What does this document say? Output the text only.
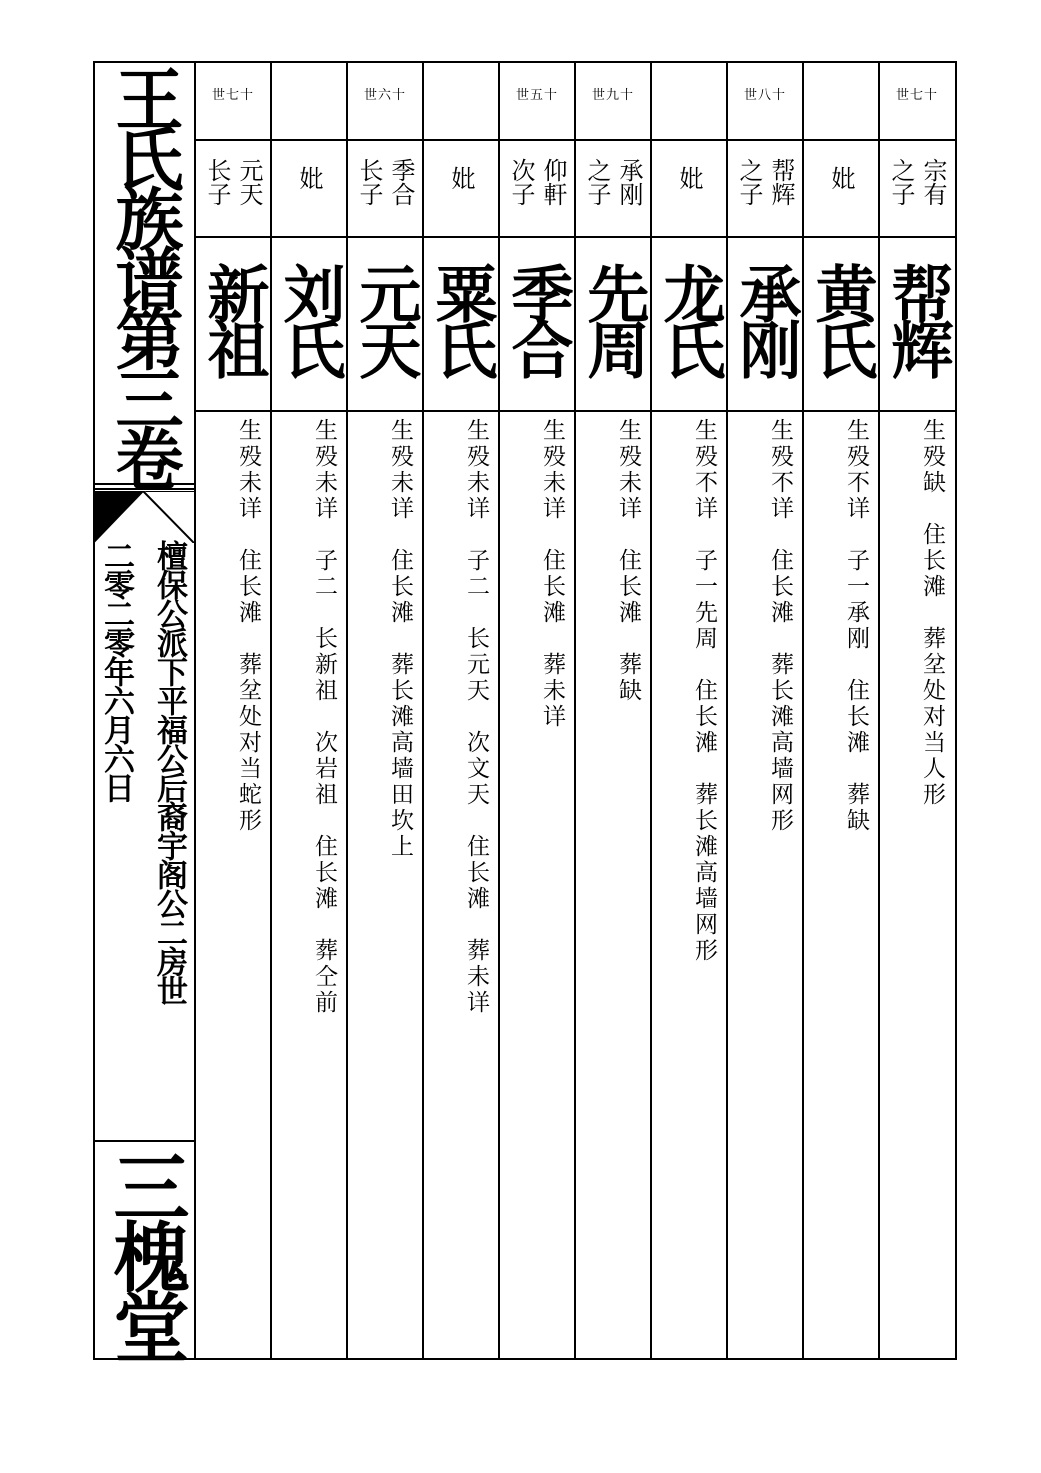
王氏族谱第三卷
檀保公派下平福公后裔宇阁公二房世
二零二零年六月六日
三槐堂
世七十
长子 元天
新祖
生殁未详　住长滩　葬坌处对当蛇形
妣
刘氏
生殁未详　子二　长新祖　次岩祖　住长滩　葬仝前
世六十
长子 季合
元天
生殁未详　住长滩　葬长滩高墙田坎上
妣
粟氏
生殁未详　子二　长元天　次文天　住长滩　葬未详
世五十
次子 仰軒
季合
生殁未详　住长滩　葬未详
世九十
之子 承刚
先周
生殁未详　住长滩　葬缺
妣
龙氏
生殁不详　子一先周　住长滩　葬长滩高墙网形
世八十
之子 帮辉
承刚
生殁不详　住长滩　葬长滩高墙网形
妣
黄氏
生殁不详　子一承刚　住长滩　葬缺
世七十
之子 宗有
帮辉
生殁缺　住长滩　葬坌处对当人形
